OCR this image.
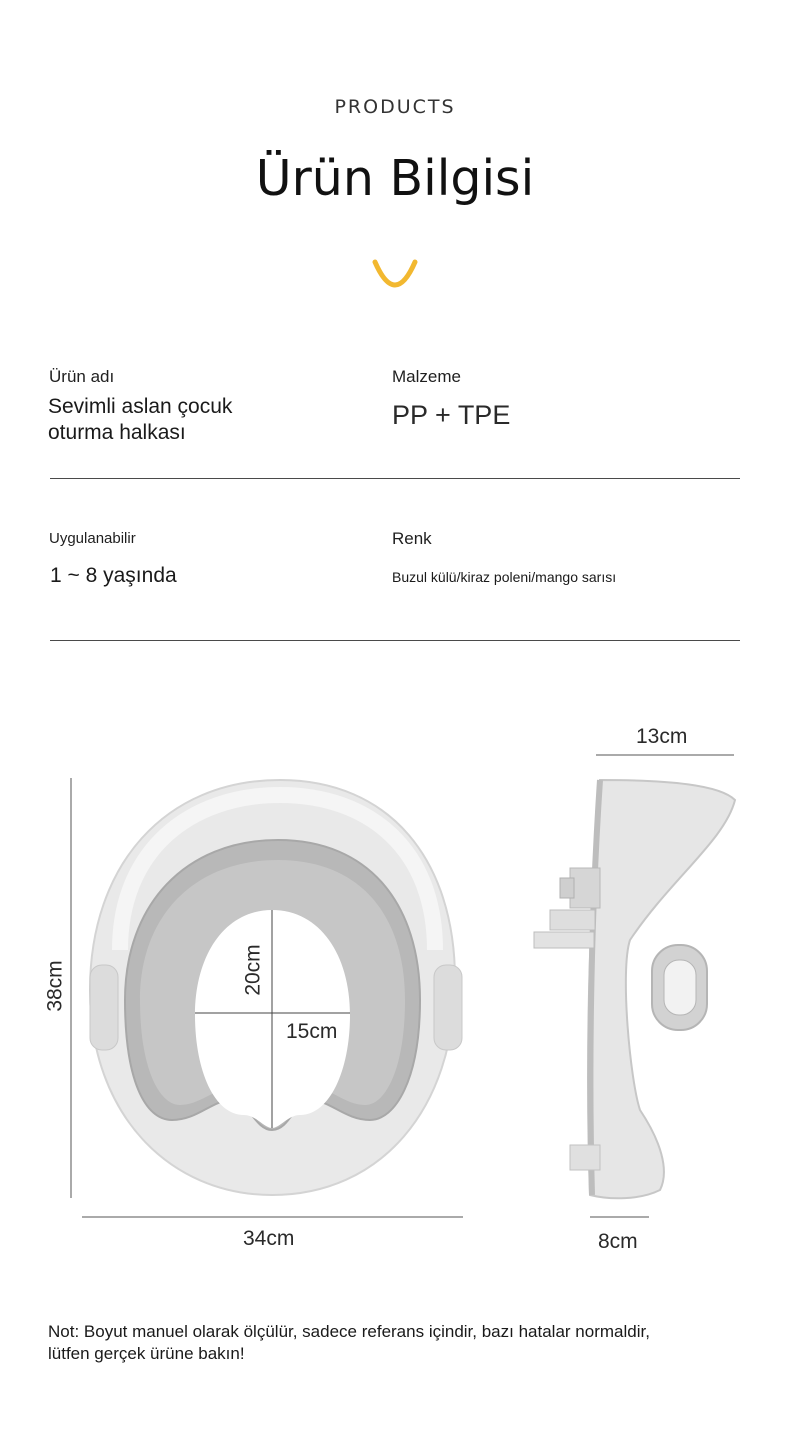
PRODUCTS
Ürün Bilgisi
Ürün adı
Sevimli aslan çocuk
oturma halkası
Malzeme
PP + TPE
Uygulanabilir
1 ~ 8 yaşında
Renk
Buzul külü/kiraz poleni/mango sarısı
38cm	20cm
15cm
34cm
13cm
8cm
Not: Boyut manuel olarak ölçülür, sadece referans içindir, bazı hatalar normaldir,
lütfen gerçek ürüne bakın!
